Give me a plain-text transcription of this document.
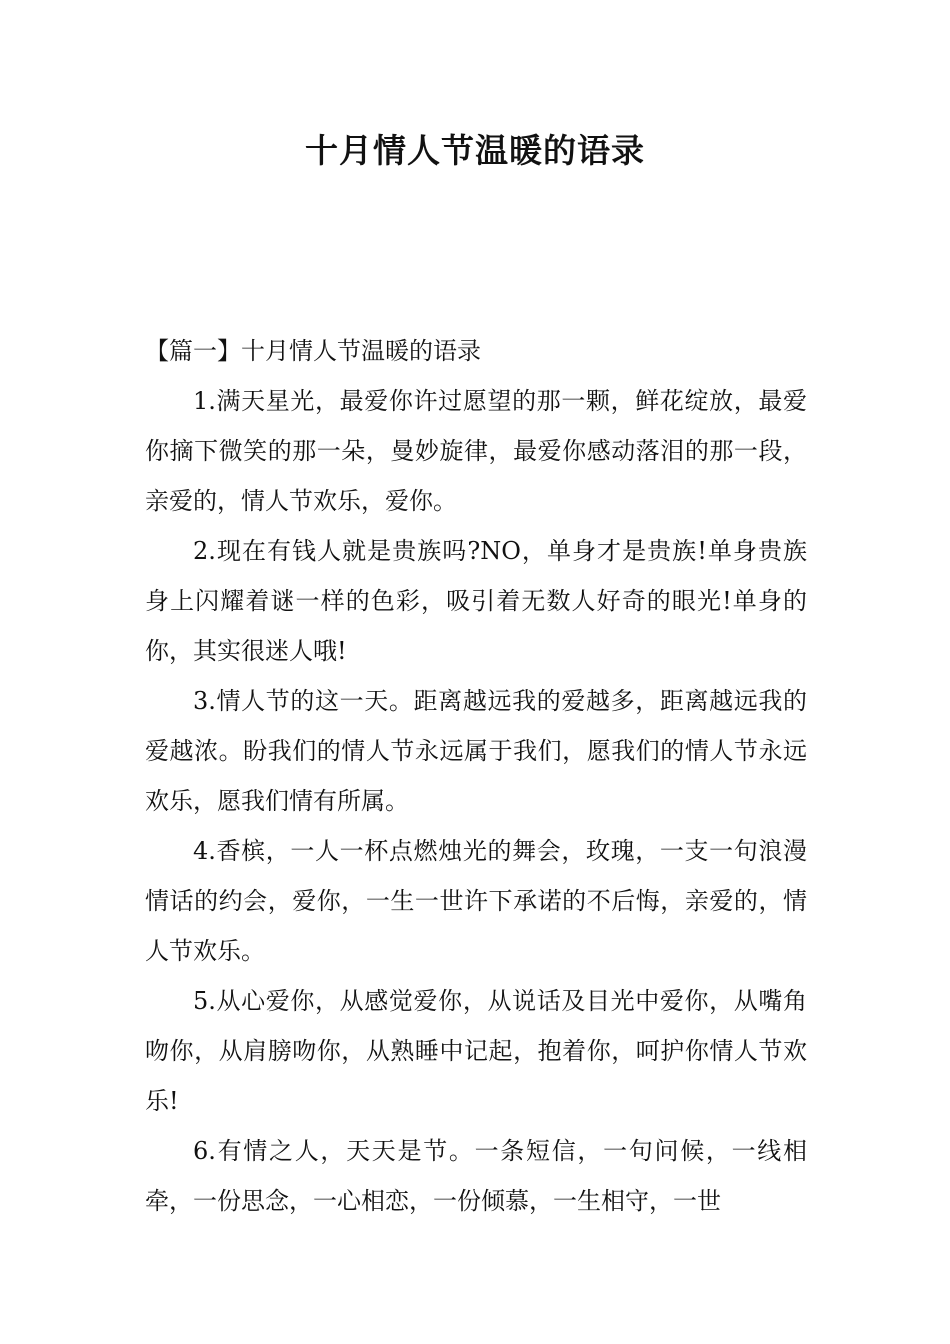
十月情人节温暖的语录

【篇一】十月情人节温暖的语录

1.满天星光，最爱你许过愿望的那一颗，鲜花绽放，最爱你摘下微笑的那一朵，曼妙旋律，最爱你感动落泪的那一段，亲爱的，情人节欢乐，爱你。

2.现在有钱人就是贵族吗?NO，单身才是贵族!单身贵族身上闪耀着谜一样的色彩，吸引着无数人好奇的眼光!单身的你，其实很迷人哦!

3.情人节的这一天。距离越远我的爱越多，距离越远我的爱越浓。盼我们的情人节永远属于我们，愿我们的情人节永远欢乐，愿我们情有所属。

4.香槟，一人一杯点燃烛光的舞会，玫瑰，一支一句浪漫情话的约会，爱你，一生一世许下承诺的不后悔，亲爱的，情人节欢乐。

5.从心爱你，从感觉爱你，从说话及目光中爱你，从嘴角吻你，从肩膀吻你，从熟睡中记起，抱着你，呵护你情人节欢乐!

6.有情之人，天天是节。一条短信，一句问候，一线相牵，一份思念，一心相恋，一份倾慕，一生相守，一世
